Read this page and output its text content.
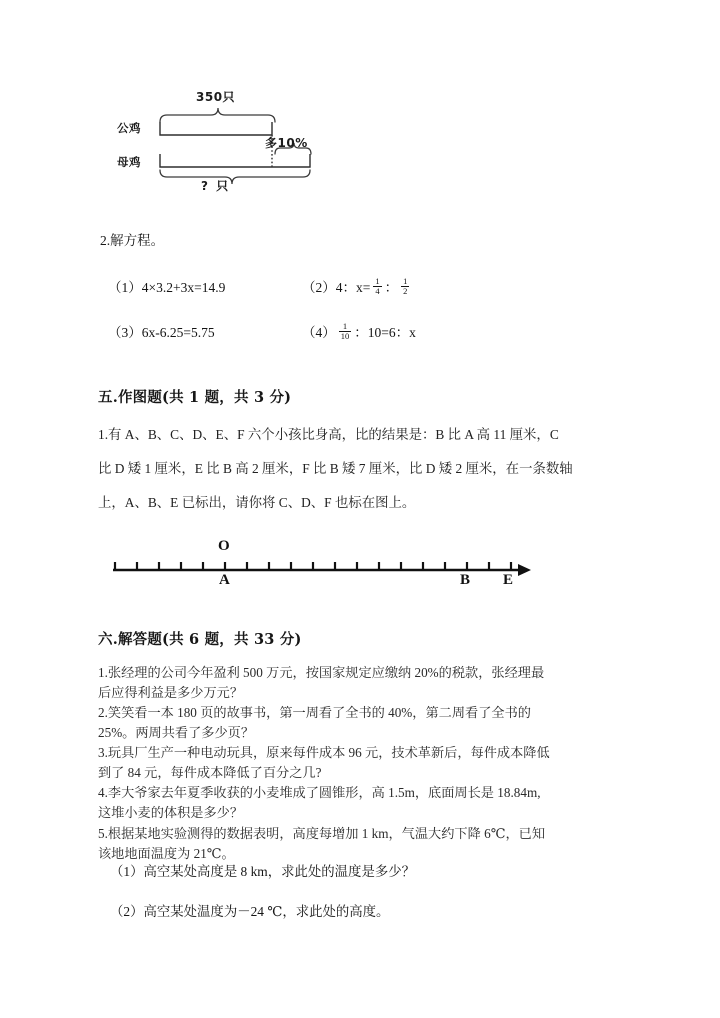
公鸡
母鸡
350只
多10%
? 只
2.解方程。
（1）4×3.2+3x=14.9	（2）4：$x= \frac{1}{4}$ ： $\frac{1}{2}$
（3）6x-6.25=5.75	$(4) \frac{1}{10}$ ：10=6：x
五.作图题(共 1 题，共 3 分)
1.有 A、B、C、D、E、F 六个小孩比身高，比的结果是：B 比 A 高 11 厘米，C
比 D 矮 1 厘米，E 比 B 高 2 厘米，F 比 B 矮 7 厘米，比 D 矮 2 厘米，在一条数轴
上，A、B、E 已标出，请你将 C、D、F 也标在图上。
O
A	B E
六.解答题(共 6 题，共 33 分)
1.张经理的公司今年盈利 500 万元，按国家规定应缴纳 20%的税款，张经理最
后应得利益是多少万元？
2.笑笑看一本 180 页的故事书，第一周看了全书的 40%，第二周看了全书的
25%。两周共看了多少页？
3.玩具厂生产一种电动玩具，原来每件成本 96 元，技术革新后，每件成本降低
到了 84 元，每件成本降低了百分之几?
4.李大爷家去年夏季收获的小麦堆成了圆锥形，高 1.5m，底面周长是 18.84m,
这堆小麦的体积是多少？
5.根据某地实验测得的数据表明，高度每增加 1 km，气温大约下降 6℃，已知
该地地面温度为 21℃。
（1）高空某处高度是 8 km，求此处的温度是多少？
（2）高空某处温度为－24 ℃，求此处的高度。
